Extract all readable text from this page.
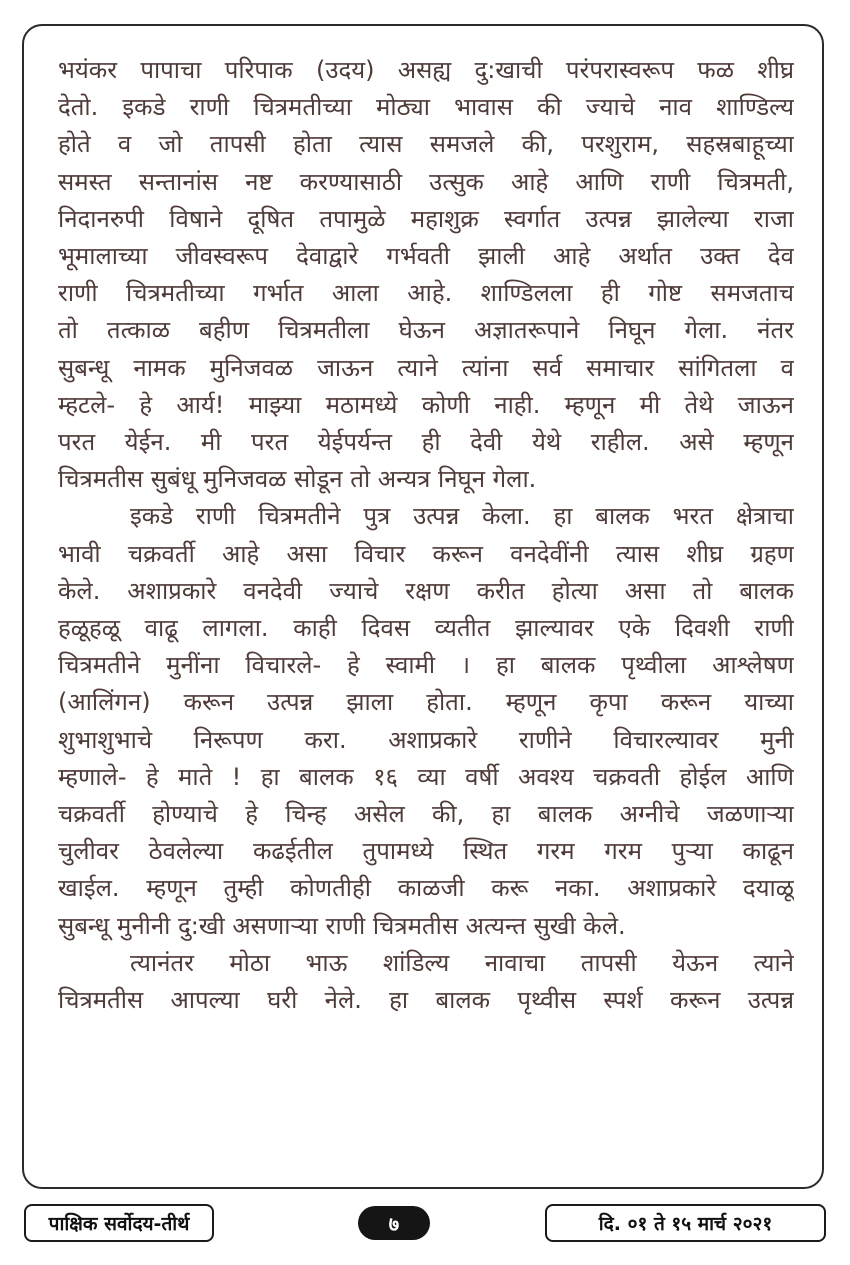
भयंकर पापाचा परिपाक (उदय) असह्य दु:खाची परंपरास्वरूप फळ शीघ्र
देतो. इकडे राणी चित्रमतीच्या मोठ्या भावास की ज्याचे नाव शाण्डिल्य
होते व जो तापसी होता त्यास समजले की, परशुराम, सहस्रबाहूच्या
समस्त सन्तानांस नष्ट करण्यासाठी उत्सुक आहे आणि राणी चित्रमती,
निदानरुपी विषाने दूषित तपामुळे महाशुक्र स्वर्गात उत्पन्न झालेल्या राजा
भूमालाच्या जीवस्वरूप देवाद्वारे गर्भवती झाली आहे अर्थात उक्त देव
राणी चित्रमतीच्या गर्भात आला आहे. शाण्डिलला ही गोष्ट समजताच
तो तत्काळ बहीण चित्रमतीला घेऊन अज्ञातरूपाने निघून गेला. नंतर
सुबन्धू नामक मुनिजवळ जाऊन त्याने त्यांना सर्व समाचार सांगितला व
म्हटले- हे आर्य! माझ्या मठामध्ये कोणी नाही. म्हणून मी तेथे जाऊन
परत येईन. मी परत येईपर्यन्त ही देवी येथे राहील. असे म्हणून
चित्रमतीस सुबंधू मुनिजवळ सोडून तो अन्यत्र निघून गेला.
इकडे राणी चित्रमतीने पुत्र उत्पन्न केला. हा बालक भरत क्षेत्राचा
भावी चक्रवर्ती आहे असा विचार करून वनदेवींनी त्यास शीघ्र ग्रहण
केले. अशाप्रकारे वनदेवी ज्याचे रक्षण करीत होत्या असा तो बालक
हळूहळू वाढू लागला. काही दिवस व्यतीत झाल्यावर एके दिवशी राणी
चित्रमतीने मुनींना विचारले- हे स्वामी । हा बालक पृथ्वीला आश्लेषण
(आलिंगन) करून उत्पन्न झाला होता. म्हणून कृपा करून याच्या
शुभाशुभाचे निरूपण करा. अशाप्रकारे राणीने विचारल्यावर मुनी
म्हणाले- हे माते ! हा बालक १६ व्या वर्षी अवश्य चक्रवती होईल आणि
चक्रवर्ती होण्याचे हे चिन्ह असेल की, हा बालक अग्नीचे जळणाऱ्या
चुलीवर ठेवलेल्या कढईतील तुपामध्ये स्थित गरम गरम पुऱ्या काढून
खाईल. म्हणून तुम्ही कोणतीही काळजी करू नका. अशाप्रकारे दयाळू
सुबन्धू मुनीनी दु:खी असणाऱ्या राणी चित्रमतीस अत्यन्त सुखी केले.
त्यानंतर मोठा भाऊ शांडिल्य नावाचा तापसी येऊन त्याने
चित्रमतीस आपल्या घरी नेले. हा बालक पृथ्वीस स्पर्श करून उत्पन्न
पाक्षिक सर्वोदय-तीर्थ	७	दि. ०१ ते १५ मार्च २०२१
